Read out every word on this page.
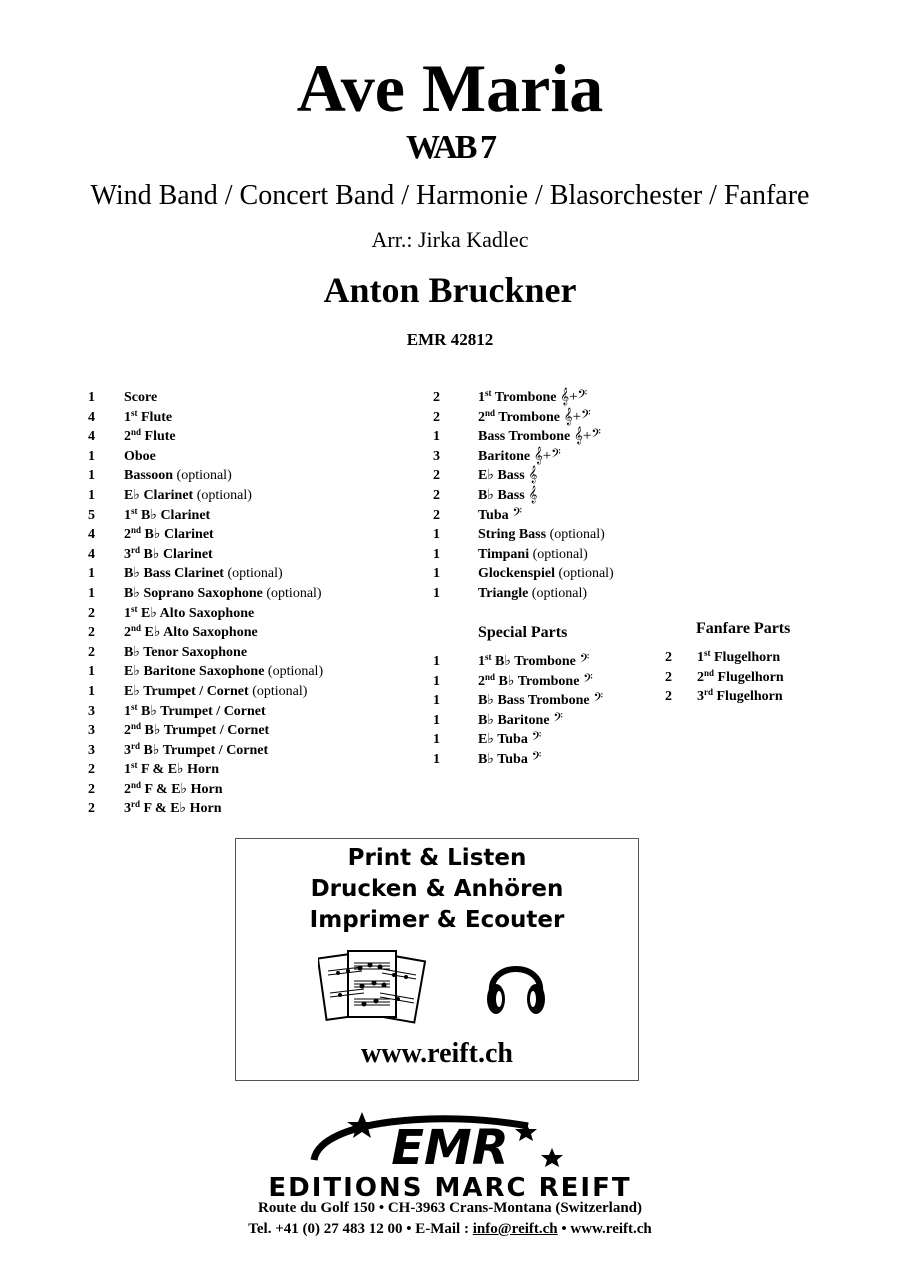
Ave Maria
WAB 7
Wind Band / Concert Band / Harmonie / Blasorchester / Fanfare
Arr.: Jirka Kadlec
Anton Bruckner
EMR 42812
1 Score
4 1st Flute
4 2nd Flute
1 Oboe
1 Bassoon (optional)
1 E♭ Clarinet (optional)
5 1st B♭ Clarinet
4 2nd B♭ Clarinet
4 3rd B♭ Clarinet
1 B♭ Bass Clarinet (optional)
1 B♭ Soprano Saxophone (optional)
2 1st E♭ Alto Saxophone
2 2nd E♭ Alto Saxophone
2 B♭ Tenor Saxophone
1 E♭ Baritone Saxophone (optional)
1 E♭ Trumpet / Cornet (optional)
3 1st B♭ Trumpet / Cornet
3 2nd B♭ Trumpet / Cornet
3 3rd B♭ Trumpet / Cornet
2 1st F & E♭ Horn
2 2nd F & E♭ Horn
2 3rd F & E♭ Horn
2	1st Trombone 𝄞+𝄢
2	2nd Trombone 𝄞+𝄢
1	Bass Trombone 𝄞+𝄢
3	Baritone 𝄞+𝄢
2	E♭ Bass 𝄞
2	B♭ Bass 𝄞
2	Tuba 𝄢
1	String Bass (optional)
1	Timpani (optional)
1	Glockenspiel (optional)
1	Triangle (optional)
Special Parts
1	1st B♭ Trombone 𝄢
1	2nd B♭ Trombone 𝄢
1	B♭ Bass Trombone 𝄢
1	B♭ Baritone 𝄢
1	E♭ Tuba 𝄢
1	B♭ Tuba 𝄢
Fanfare Parts
2 1st Flugelhorn
2 2nd Flugelhorn
2 3rd Flugelhorn
Print & Listen
Drucken & Anhören
Imprimer & Ecouter
www.reift.ch
EMR
EDITIONS MARC REIFT
Route du Golf 150 • CH-3963 Crans-Montana (Switzerland)
Tel. +41 (0) 27 483 12 00 • E-Mail : info@reift.ch • www.reift.ch
